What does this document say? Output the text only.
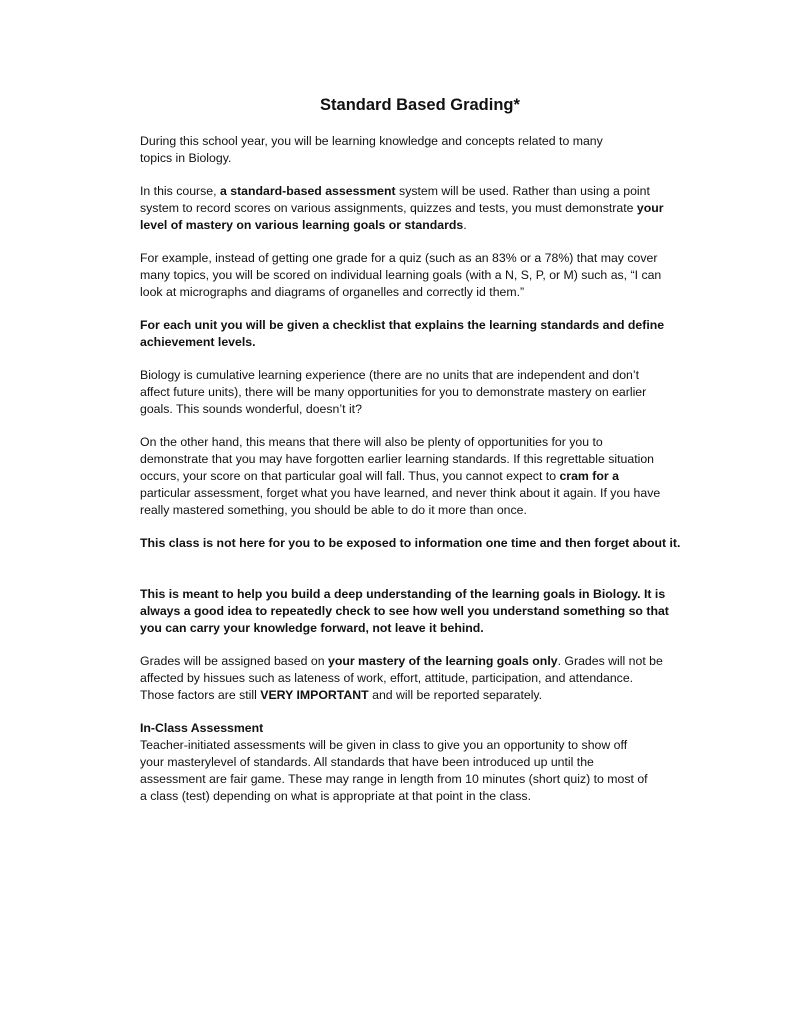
Standard Based Grading*

During this school year, you will be learning knowledge and concepts related to many
topics in Biology.

In this course, a standard-based assessment system will be used. Rather than using a point
system to record scores on various assignments, quizzes and tests, you must demonstrate your
level of mastery on various learning goals or standards.

For example, instead of getting one grade for a quiz (such as an 83% or a 78%) that may cover
many topics, you will be scored on individual learning goals (with a N, S, P, or M) such as, “I can
look at micrographs and diagrams of organelles and correctly id them.”

For each unit you will be given a checklist that explains the learning standards and define
achievement levels.

Biology is cumulative learning experience (there are no units that are independent and don’t
affect future units), there will be many opportunities for you to demonstrate mastery on earlier
goals. This sounds wonderful, doesn’t it?

On the other hand, this means that there will also be plenty of opportunities for you to
demonstrate that you may have forgotten earlier learning standards. If this regrettable situation
occurs, your score on that particular goal will fall. Thus, you cannot expect to cram for a
particular assessment, forget what you have learned, and never think about it again. If you have
really mastered something, you should be able to do it more than once.

This class is not here for you to be exposed to information one time and then forget about it.

This is meant to help you build a deep understanding of the learning goals in Biology. It is
always a good idea to repeatedly check to see how well you understand something so that
you can carry your knowledge forward, not leave it behind.

Grades will be assigned based on your mastery of the learning goals only. Grades will not be
affected by hissues such as lateness of work, effort, attitude, participation, and attendance.
Those factors are still VERY IMPORTANT and will be reported separately.

In-Class Assessment
Teacher-initiated assessments will be given in class to give you an opportunity to show off
your masterylevel of standards. All standards that have been introduced up until the
assessment are fair game. These may range in length from 10 minutes (short quiz) to most of
a class (test) depending on what is appropriate at that point in the class.
